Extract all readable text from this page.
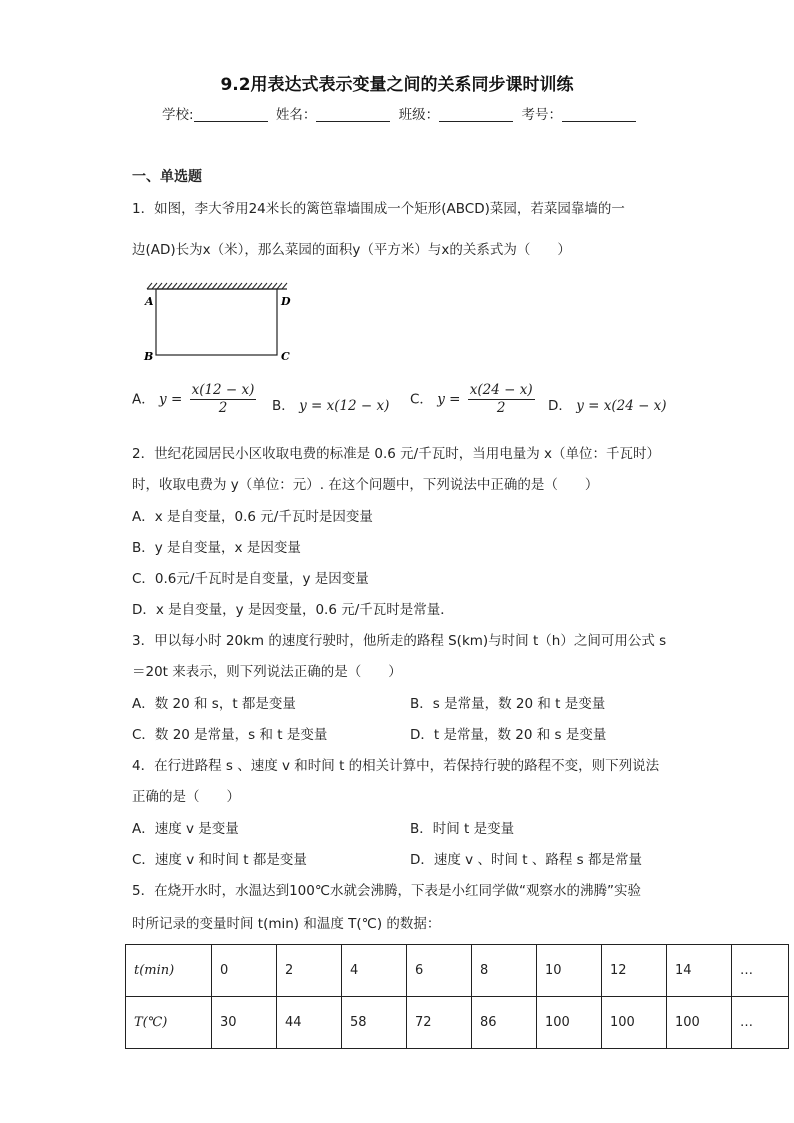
9.2用表达式表示变量之间的关系同步课时训练
学校:	姓名：	班级：	考号：
一、单选题
1．如图，李大爷用24米长的篱笆靠墙围成一个矩形(ABCD)菜园，若菜园靠墙的一
边(AD)长为x（米），那么菜园的面积y（平方米）与x的关系式为（　　）
A	D
B	C
A． $y = \frac{x(12 - x)}{2}$ B． y = x(12 − x) C． $y = \frac{x(24 - x)}{2}$ D． y = x(24 − x)
2．世纪花园居民小区收取电费的标准是 0.6 元/千瓦时，当用电量为 x（单位：千瓦时）
时，收取电费为 y（单位：元）. 在这个问题中，下列说法中正确的是（　　）
A．x 是自变量，0.6 元/千瓦时是因变量
B．y 是自变量，x 是因变量
C．0.6元/千瓦时是自变量，y 是因变量
D．x 是自变量，y 是因变量，0.6 元/千瓦时是常量．
3．甲以每小时 20km 的速度行驶时，他所走的路程 S(km)与时间 t（h）之间可用公式 s
＝20t 来表示，则下列说法正确的是（　　）
A．数 20 和 s，t 都是变量	B．s 是常量，数 20 和 t 是变量
C．数 20 是常量，s 和 t 是变量	D．t 是常量，数 20 和 s 是变量
4．在行进路程 s 、速度 v 和时间 t 的相关计算中，若保持行驶的路程不变，则下列说法
正确的是（　　）
A．速度 v 是变量	B．时间 t 是变量
C．速度 v 和时间 t 都是变量	D．速度 v 、时间 t 、路程 s 都是常量
5．在烧开水时，水温达到100℃水就会沸腾，下表是小红同学做“观察水的沸腾”实验
时所记录的变量时间 t(min) 和温度 T(℃) 的数据：
t(min)	0	2	4	6	8	10	12	14	…
T(℃)	30	44	58	72	86	100	100	100	…
